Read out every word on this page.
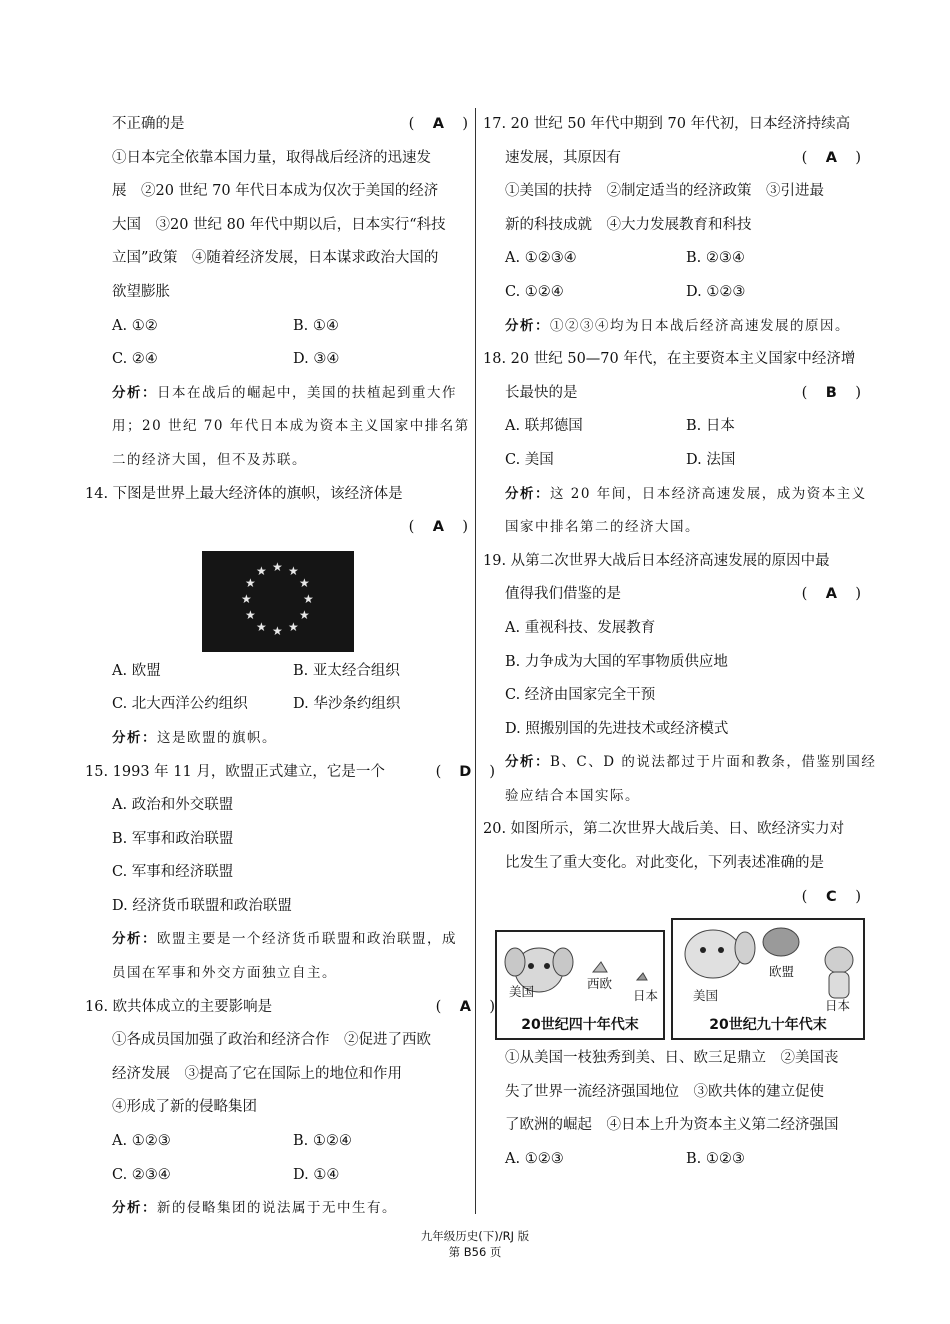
不正确的是	( A )
①日本完全依靠本国力量，取得战后经济的迅速发
展　②20 世纪 70 年代日本成为仅次于美国的经济
大国　③20 世纪 80 年代中期以后，日本实行“科技
立国”政策　④随着经济发展，日本谋求政治大国的
欲望膨胀
A. ①②	B. ①④
C. ②④	D. ③④
分析：日本在战后的崛起中，美国的扶植起到重大作
用；20 世纪 70 年代日本成为资本主义国家中排名第
二的经济大国，但不及苏联。
14. 下图是世界上最大经济体的旗帜，该经济体是
( A )
★ ★
★
★
★
★
★
★
★
★
★
★
A. 欧盟	B. 亚太经合组织
C. 北大西洋公约组织	D. 华沙条约组织
分析：这是欧盟的旗帜。
15. 1993 年 11 月，欧盟正式建立，它是一个	( D )
A. 政治和外交联盟
B. 军事和政治联盟
C. 军事和经济联盟
D. 经济货币联盟和政治联盟
分析：欧盟主要是一个经济货币联盟和政治联盟，成
员国在军事和外交方面独立自主。
16. 欧共体成立的主要影响是	( A )
①各成员国加强了政治和经济合作　②促进了西欧
经济发展　③提高了它在国际上的地位和作用
④形成了新的侵略集团
A. ①②③	B. ①②④
C. ②③④	D. ①④
分析：新的侵略集团的说法属于无中生有。
17. 20 世纪 50 年代中期到 70 年代初，日本经济持续高
速发展，其原因有	( A )
①美国的扶持　②制定适当的经济政策　③引进最
新的科技成就　④大力发展教育和科技
A. ①②③④	B. ②③④
C. ①②④	D. ①②③
分析：①②③④均为日本战后经济高速发展的原因。
18. 20 世纪 50—70 年代，在主要资本主义国家中经济增
长最快的是	( B )
A. 联邦德国	B. 日本
C. 美国	D. 法国
分析：这 20 年间，日本经济高速发展，成为资本主义
国家中排名第二的经济大国。
19. 从第二次世界大战后日本经济高速发展的原因中最
值得我们借鉴的是	( A )
A. 重视科技、发展教育
B. 力争成为大国的军事物质供应地
C. 经济由国家完全干预
D. 照搬别国的先进技术或经济模式
分析：B、C、D 的说法都过于片面和教条，借鉴别国经
验应结合本国实际。
20. 如图所示，第二次世界大战后美、日、欧经济实力对
比发生了重大变化。对此变化，下列表述准确的是
( C )
美国
西欧
日本
20世纪四十年代末
欧盟
美国
日本
20世纪九十年代末
①从美国一枝独秀到美、日、欧三足鼎立　②美国丧
失了世界一流经济强国地位　③欧共体的建立促使
了欧洲的崛起　④日本上升为资本主义第二经济强国
A. ①②③	B. ①②③
九年级历史(下)/RJ 版
第 B56 页
